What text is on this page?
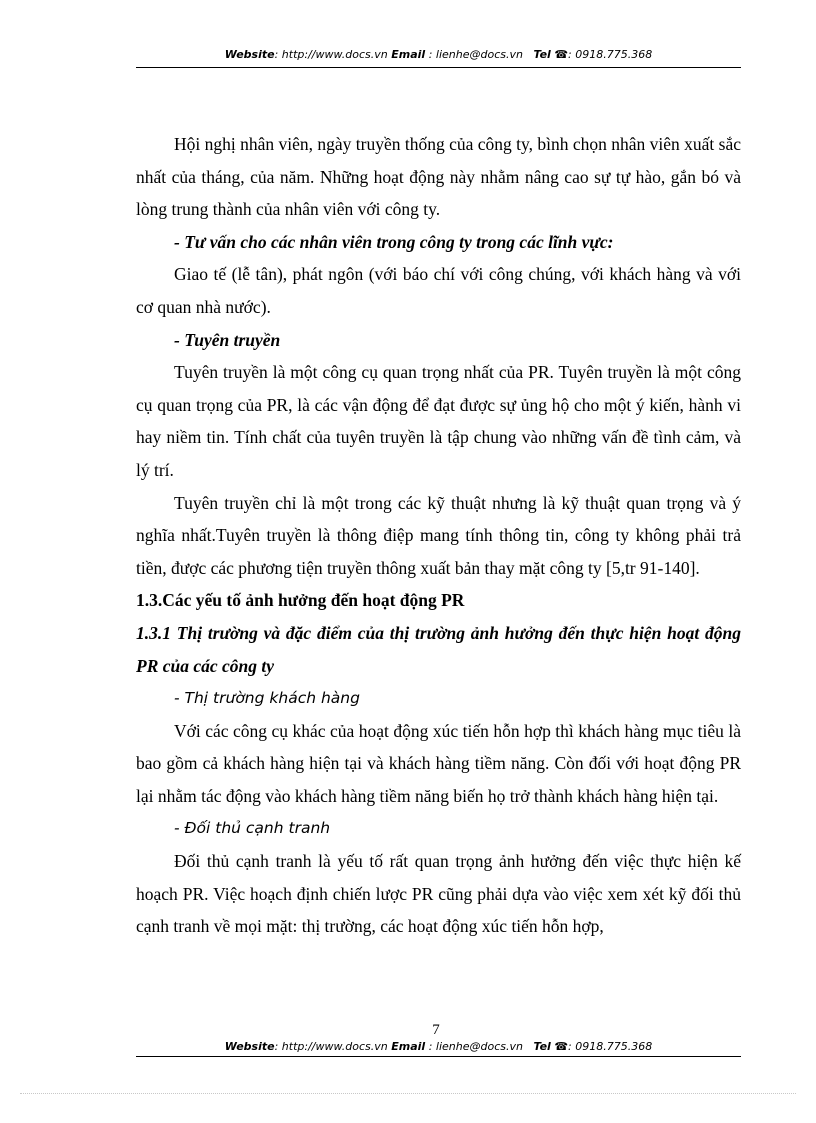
Website: http://www.docs.vn Email : lienhe@docs.vn Tel ☎: 0918.775.368

Hội nghị nhân viên, ngày truyền thống của công ty, bình chọn nhân viên xuất sắc nhất của tháng, của năm. Những hoạt động này nhằm nâng cao sự tự hào, gắn bó và lòng trung thành của nhân viên với công ty.

- Tư vấn cho các nhân viên trong công ty trong các lĩnh vực:

Giao tế (lễ tân), phát ngôn (với báo chí với công chúng, với khách hàng và với cơ quan nhà nước).

- Tuyên truyền

Tuyên truyền là một công cụ quan trọng nhất của PR. Tuyên truyền là một công cụ quan trọng của PR, là các vận động để đạt được sự ủng hộ cho một ý kiến, hành vi hay niềm tin. Tính chất của tuyên truyền là tập chung vào những vấn đề tình cảm, và lý trí.

Tuyên truyền chỉ là một trong các kỹ thuật nhưng là kỹ thuật quan trọng và ý nghĩa nhất.Tuyên truyền là thông điệp mang tính thông tin, công ty không phải trả tiền, được các phương tiện truyền thông xuất bản thay mặt công ty [5,tr 91-140].

1.3.Các yếu tố ảnh hưởng đến hoạt động PR

1.3.1 Thị trường và đặc điểm của thị trường ảnh hưởng đến thực hiện hoạt động PR của các công ty

- Thị trường khách hàng

Với các công cụ khác của hoạt động xúc tiến hỗn hợp thì khách hàng mục tiêu là bao gồm cả khách hàng hiện tại và khách hàng tiềm năng. Còn đối với hoạt động PR lại nhằm tác động vào khách hàng tiềm năng biến họ trở thành khách hàng hiện tại.

- Đối thủ cạnh tranh

Đối thủ cạnh tranh là yếu tố rất quan trọng ảnh hưởng đến việc thực hiện kế hoạch PR. Việc hoạch định chiến lược PR cũng phải dựa vào việc xem xét kỹ đối thủ cạnh tranh về mọi mặt: thị trường, các hoạt động xúc tiến hỗn hợp,

7
Website: http://www.docs.vn Email : lienhe@docs.vn Tel ☎: 0918.775.368
